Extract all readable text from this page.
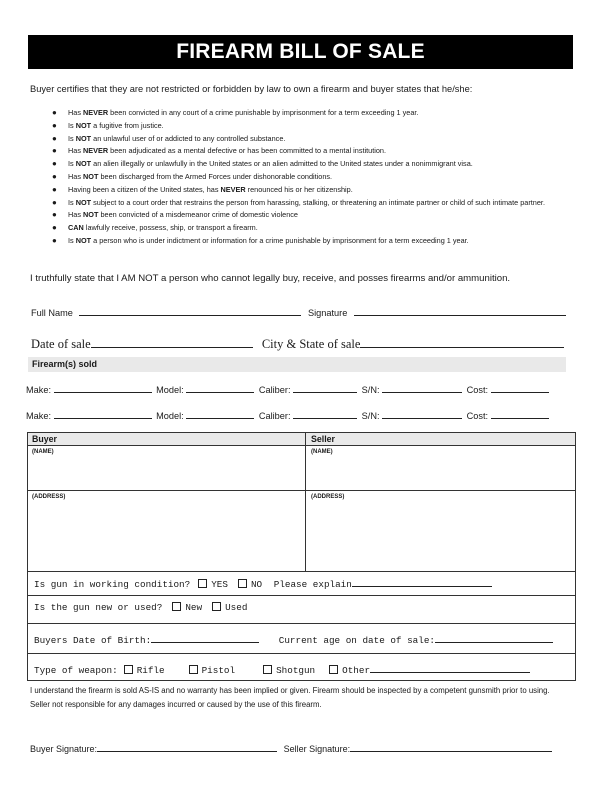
FIREARM BILL OF SALE
Buyer certifies that they are not restricted or forbidden by law to own a firearm and buyer states that he/she:
● Has NEVER been convicted in any court of a crime punishable by imprisonment for a term exceeding 1 year.
● Is NOT a fugitive from justice.
● Is NOT an unlawful user of or addicted to any controlled substance.
● Has NEVER been adjudicated as a mental defective or has been committed to a mental institution.
● Is NOT an alien illegally or unlawfully in the United states or an alien admitted to the United states under a nonimmigrant visa.
● Has NOT been discharged from the Armed Forces under dishonorable conditions.
● Having been a citizen of the United states, has NEVER renounced his or her citizenship.
● Is NOT subject to a court order that restrains the person from harassing, stalking, or threatening an intimate partner or child of such intimate partner.
● Has NOT been convicted of a misdemeanor crime of domestic violence
● CAN lawfully receive, possess, ship, or transport a firearm.
● Is NOT a person who is under indictment or information for a crime punishable by imprisonment for a term exceeding 1 year.
I truthfully state that I AM NOT a person who cannot legally buy, receive, and posses firearms and/or ammunition.
Full Name	Signature
Date of sale	City & State of sale
Firearm(s) sold
Make:	Model:	Caliber:	S/N:	Cost:
Make:	Model:	Caliber:	S/N:	Cost:
Buyer	Seller
(NAME)	(NAME)
(ADDRESS)	(ADDRESS)
Is gun in working condition? YES NO Please explain
Is the gun new or used? New Used
Buyers Date of Birth:	Current age on date of sale:
Type of weapon: Rifle	Pistol	Shotgun	Other
I understand the firearm is sold AS-IS and no warranty has been implied or given. Firearm should be inspected by a competent gunsmith prior to using. Seller not responsible for any damages incurred or caused by the use of this firearm.
Buyer Signature:	Seller Signature:
